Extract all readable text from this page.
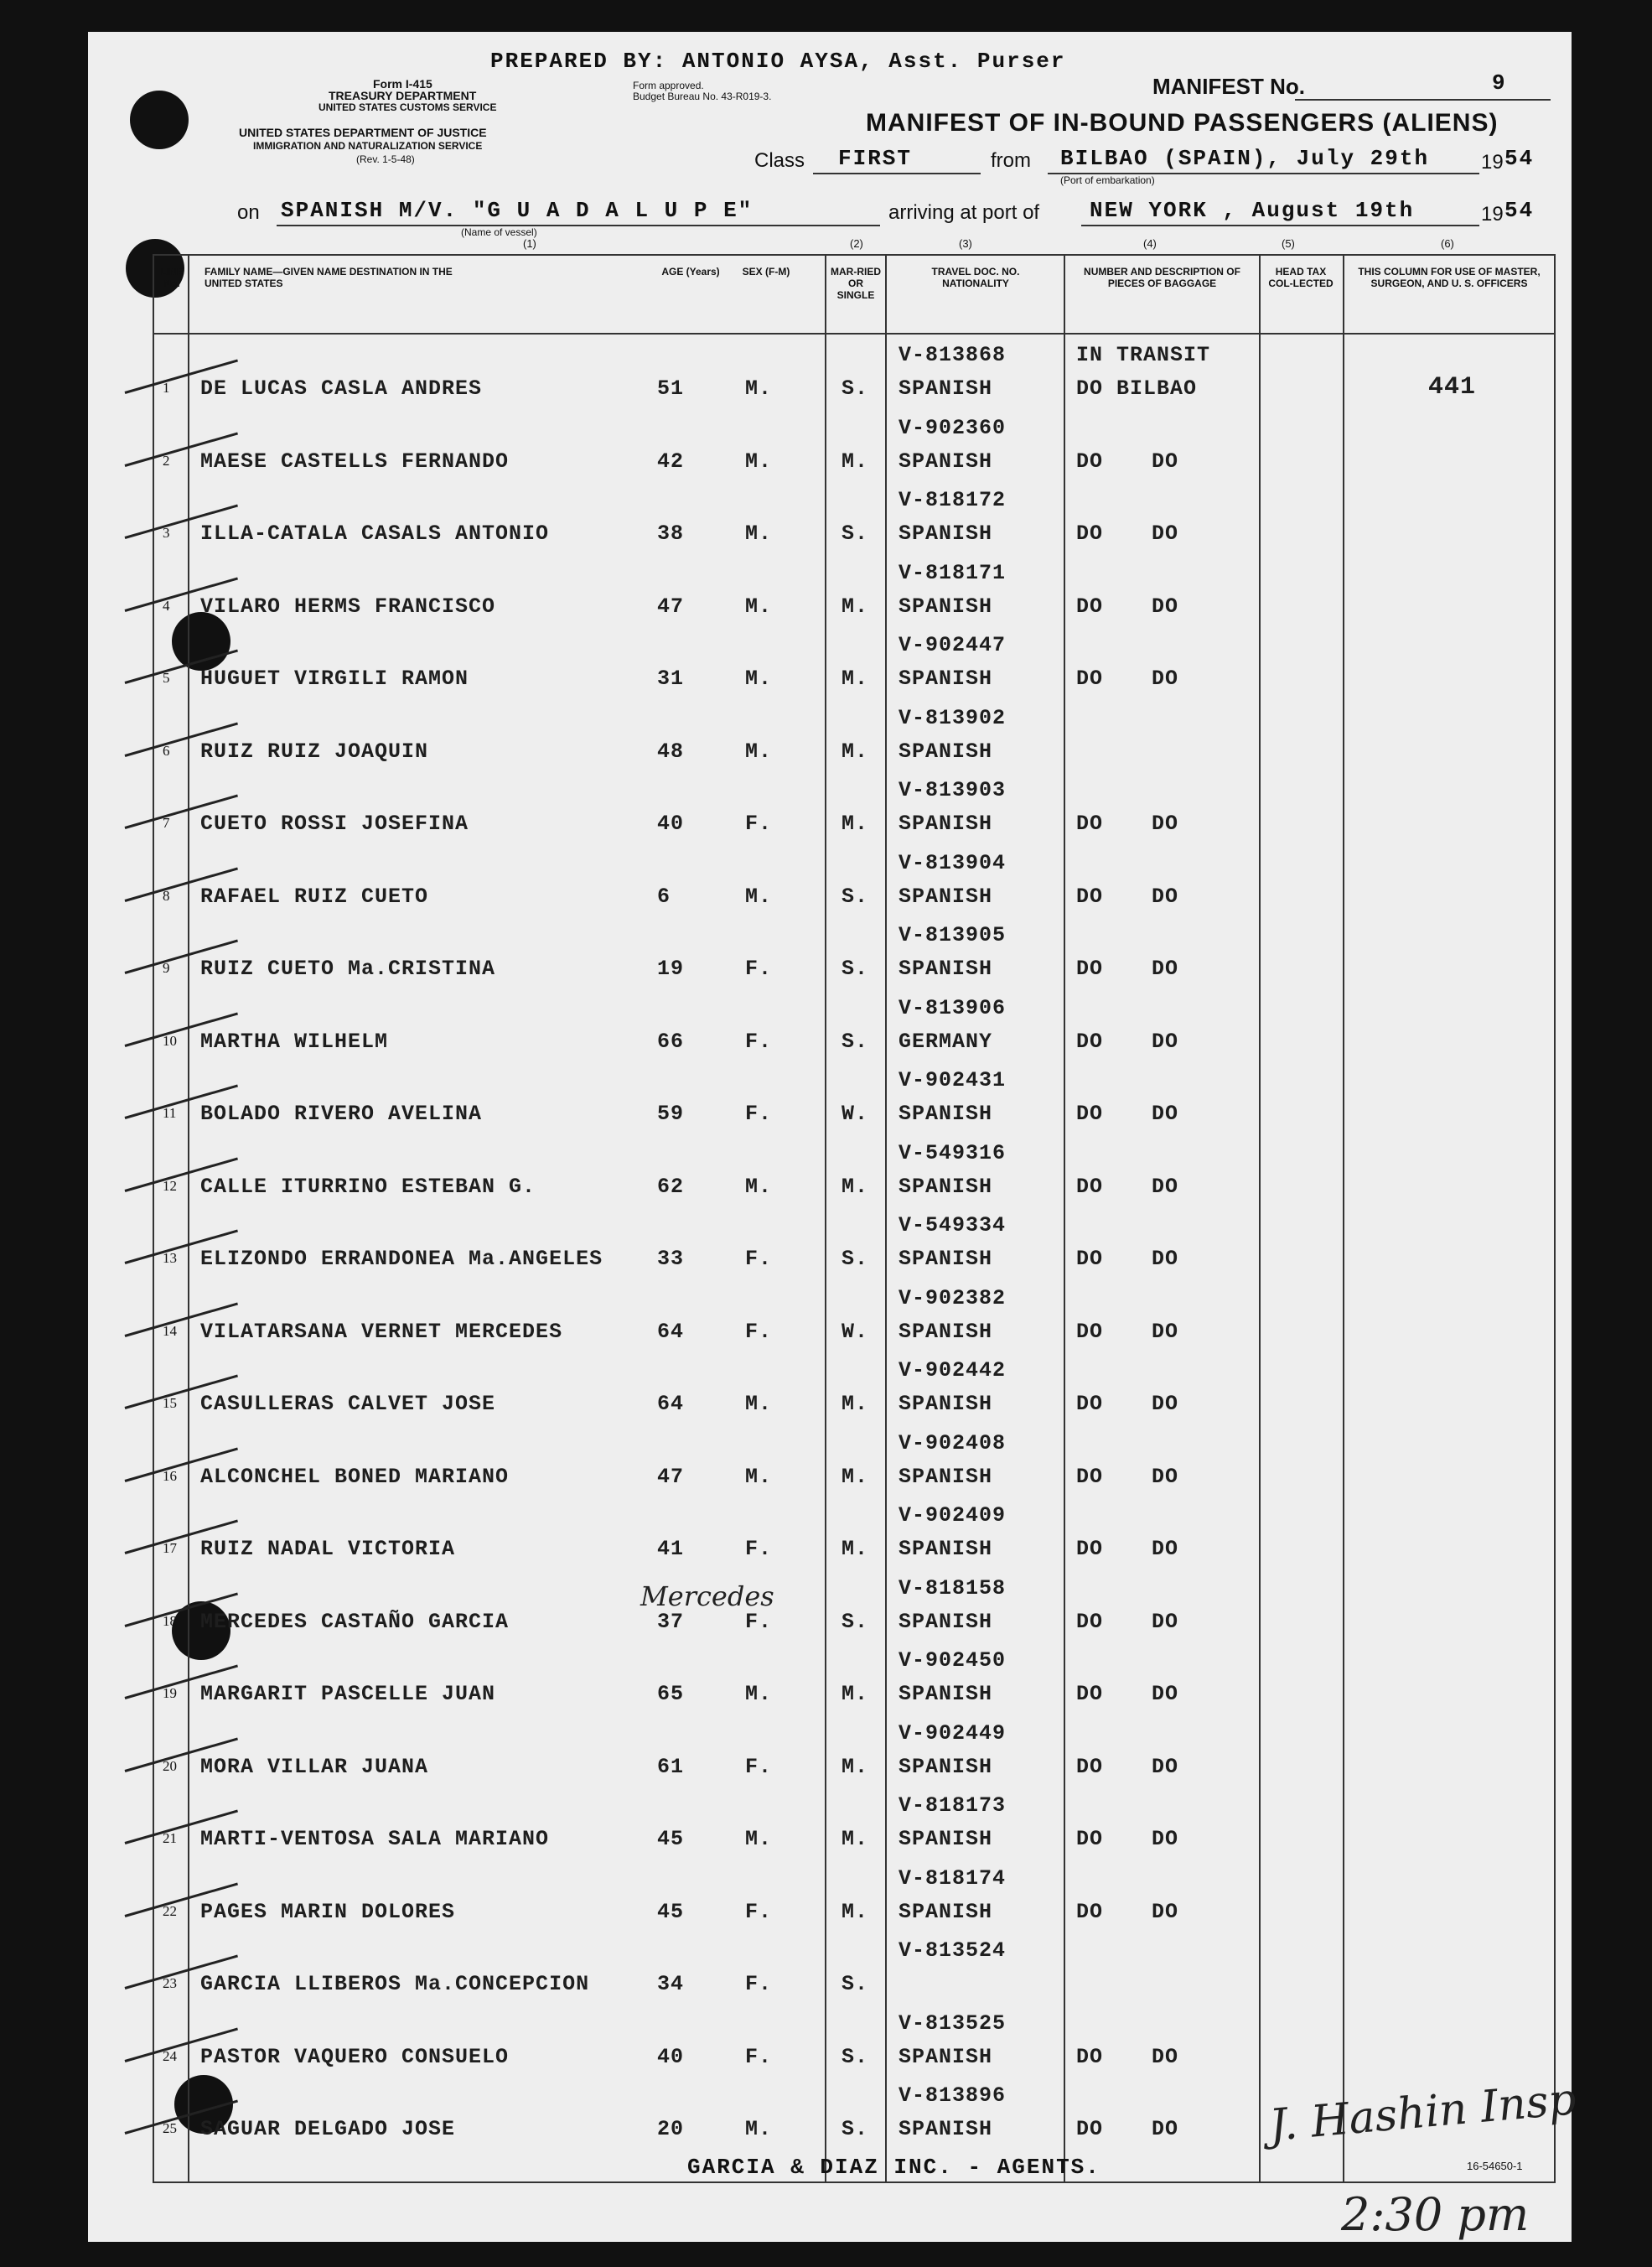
PREPARED BY: ANTONIO AYSA, Asst. Purser
Form I-415
TREASURY DEPARTMENT
UNITED STATES CUSTOMS SERVICE
Form approved.
Budget Bureau No. 43-R019-3.
UNITED STATES DEPARTMENT OF JUSTICE
IMMIGRATION AND NATURALIZATION SERVICE
(Rev. 1-5-48)
MANIFEST No.	9
MANIFEST OF IN-BOUND PASSENGERS (ALIENS)
Class FIRST	from BILBAO (SPAIN), July 29th	19 54
(Port of embarkation)
on SPANISH M/V. "G U A D A L U P E"
(Name of vessel)
arriving at port of NEW YORK , August 19th	19 54
(1)	(2)	(3)	(4)	(5)	(6)
LINE No.
FAMILY NAME—GIVEN NAME DESTINATION IN THE UNITED STATES
AGE (Years)	SEX (F-M)	MAR-RIED OR SINGLE
TRAVEL DOC. NO. NATIONALITY
NUMBER AND DESCRIPTION OF PIECES OF BAGGAGE
HEAD TAX COL-LECTED
THIS COLUMN FOR USE OF MASTER, SURGEON, AND U. S. OFFICERS
1 DE LUCAS CASLA ANDRES	51	M.	S.
V-813868
SPANISH
IN TRANSIT
DO BILBAO	441
2 MAESE CASTELLS FERNANDO	42	M.	M.
V-902360
SPANISH	DO DO
3 ILLA-CATALA CASALS ANTONIO	38	M.	S.
V-818172
SPANISH	DO DO
4 VILARO HERMS FRANCISCO	47	M.	M.
V-818171
SPANISH	DO DO
5 HUGUET VIRGILI RAMON	31	M.	M.
V-902447
SPANISH	DO DO
6 RUIZ RUIZ JOAQUIN	48	M.	M.
V-813902
SPANISH
7 CUETO ROSSI JOSEFINA	40	F.	M.
V-813903
SPANISH	DO DO
8 RAFAEL RUIZ CUETO	6	M.	S.
V-813904
SPANISH	DO DO
9 RUIZ CUETO Ma.CRISTINA	19	F.	S.
V-813905
SPANISH	DO DO
10 MARTHA WILHELM	66	F.	S.
V-813906
GERMANY	DO DO
11 BOLADO RIVERO AVELINA	59	F.	W.
V-902431
SPANISH	DO DO
12 CALLE ITURRINO ESTEBAN G.	62	M.	M.
V-549316
SPANISH	DO DO
13 ELIZONDO ERRANDONEA Ma.ANGELES	33	F.	S.
V-549334
SPANISH	DO DO
14 VILATARSANA VERNET MERCEDES	64	F.	W.
V-902382
SPANISH	DO DO
15 CASULLERAS CALVET JOSE	64	M.	M.
V-902442
SPANISH	DO DO
16 ALCONCHEL BONED MARIANO	47	M.	M.
V-902408
SPANISH	DO DO
17 RUIZ NADAL VICTORIA	41	F.	M.
V-902409
SPANISH	DO DO
18 MERCEDES CASTAÑO GARCIA	37	F.	S.
V-818158
SPANISH	DO DO
19 MARGARIT PASCELLE JUAN	65	M.	M.
V-902450
SPANISH	DO DO
20 MORA VILLAR JUANA	61	F.	M.
V-902449
SPANISH	DO DO
21 MARTI-VENTOSA SALA MARIANO	45	M.	M.
V-818173
SPANISH	DO DO
22 PAGES MARIN DOLORES	45	F.	M.
V-818174
SPANISH	DO DO
23 GARCIA LLIBEROS Ma.CONCEPCION	34	F.	S.
V-813524
24 PASTOR VAQUERO CONSUELO	40	F.	S.
V-813525
SPANISH	DO DO
25 SAGUAR DELGADO JOSE	20	M.	S.
V-813896
SPANISH	DO DO
Mercedes
J. Hashin Insp
2:30 pm
GARCIA & DIAZ INC. - AGENTS.	16-54650-1
